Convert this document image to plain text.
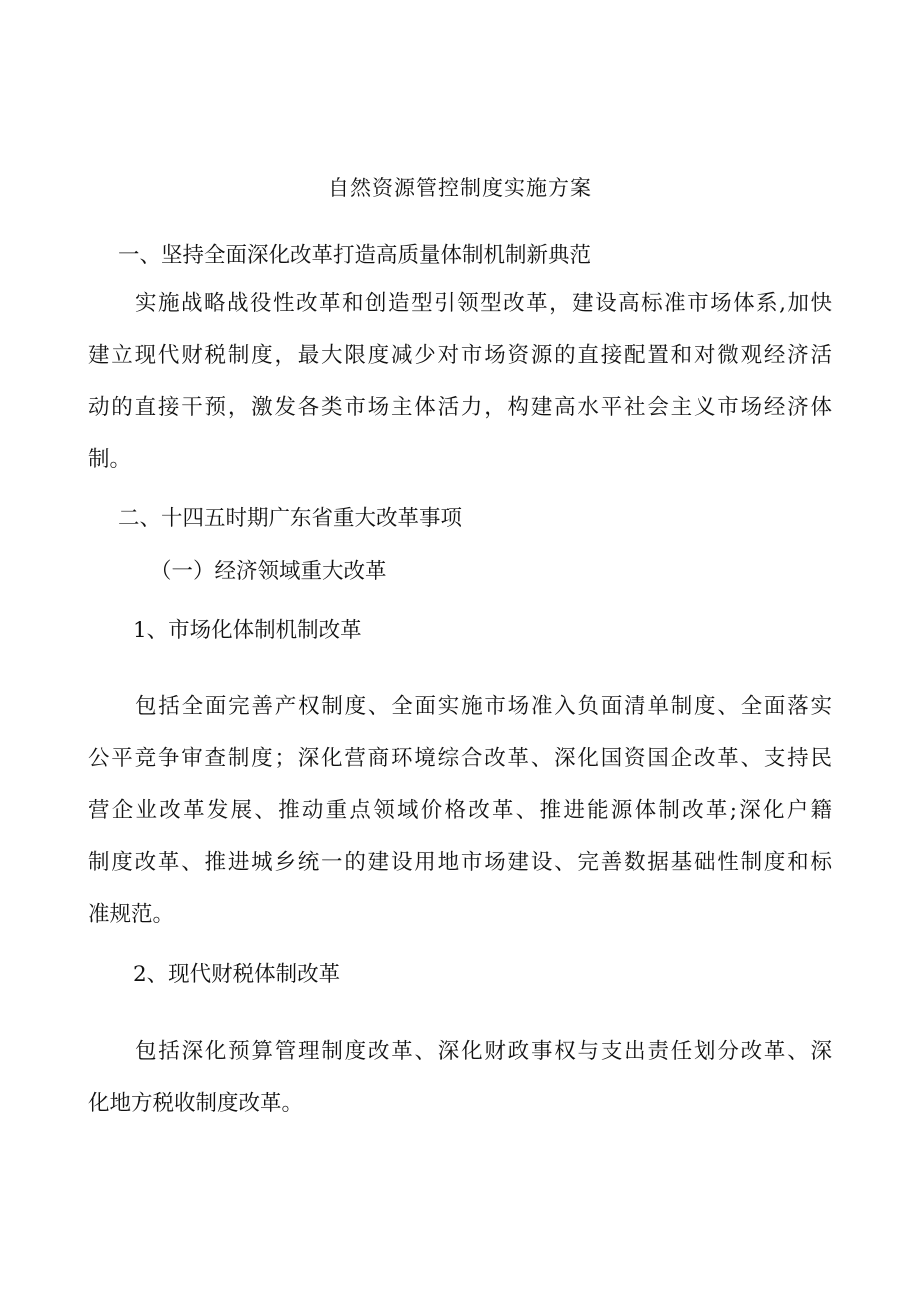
自然资源管控制度实施方案
一、坚持全面深化改革打造高质量体制机制新典范
实施战略战役性改革和创造型引领型改革，建设高标准市场体系,加快
建立现代财税制度，最大限度减少对市场资源的直接配置和对微观经济活
动的直接干预，激发各类市场主体活力，构建高水平社会主义市场经济体
制。
二、十四五时期广东省重大改革事项
（一）经济领域重大改革
1、市场化体制机制改革
包括全面完善产权制度、全面实施市场准入负面清单制度、全面落实
公平竞争审查制度；深化营商环境综合改革、深化国资国企改革、支持民
营企业改革发展、推动重点领域价格改革、推进能源体制改革;深化户籍
制度改革、推进城乡统一的建设用地市场建设、完善数据基础性制度和标
准规范。
2、现代财税体制改革
包括深化预算管理制度改革、深化财政事权与支出责任划分改革、深
化地方税收制度改革。
